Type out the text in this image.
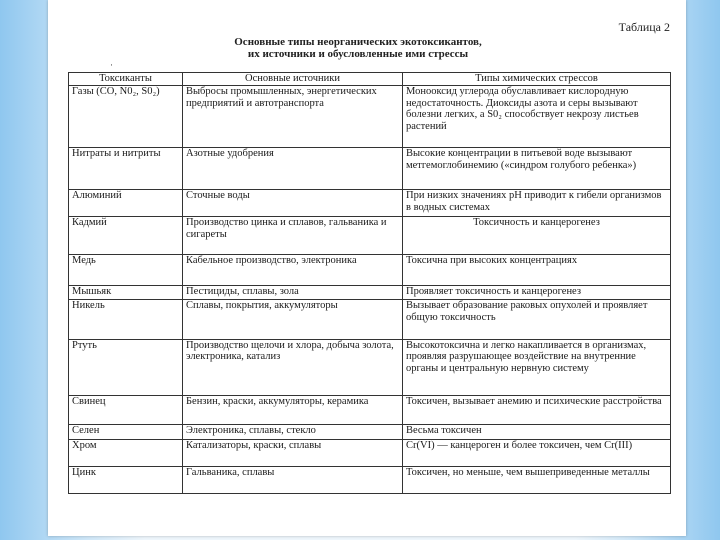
Таблица 2
Основные типы неорганических экотоксикантов,
их источники и обусловленные ими стрессы
·
Токсиканты	Основные источники	Типы химических стрессов
Газы (СО, N0₂, S0₂)	Выбросы промышленных, энергетических предприятий и автотранспорта	Монооксид углерода обуславливает кислородную недостаточность. Диоксиды азота и серы вызывают болезни легких, а S0₂ способствует некрозу листьев растений
Нитраты и нитриты	Азотные удобрения	Высокие концентрации в питьевой воде вызывают метгемоглобинемию («синдром голубого ребенка»)
Алюминий	Сточные воды	При низких значениях рН приводит к гибели организмов в водных системах
Кадмий	Производство цинка и сплавов, гальваника и сигареты	Токсичность и канцерогенез
Медь	Кабельное производство, электроника	Токсична при высоких концентрациях
Мышьяк	Пестициды, сплавы, зола	Проявляет токсичность и канцерогенез
Никель	Сплавы, покрытия, аккумуляторы	Вызывает образование раковых опухолей и проявляет общую токсичность
Ртуть	Производство щелочи и хлора, добыча золота, электроника, катализ	Высокотоксична и легко накапливается в организмах, проявляя разрушающее воздействие на внутренние органы и центральную нервную систему
Свинец	Бензин, краски, аккумуляторы, керамика	Токсичен, вызывает анемию и психические расстройства
Селен	Электроника, сплавы, стекло	Весьма токсичен
Хром	Катализаторы, краски, сплавы	Cr(VI) — канцероген и более токсичен, чем Cr(III)
Цинк	Гальваника, сплавы	Токсичен, но меньше, чем вышеприведенные металлы
